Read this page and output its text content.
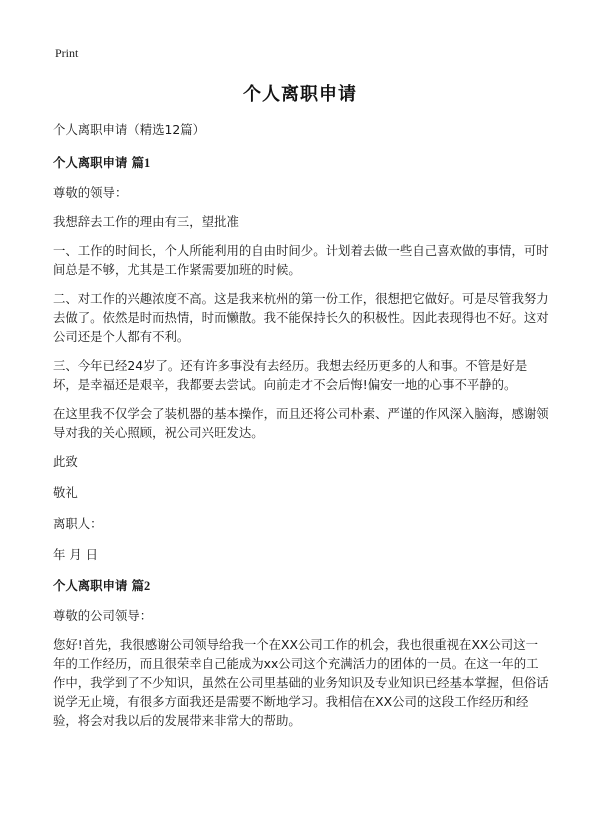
Print
个人离职申请

个人离职申请（精选12篇）

个人离职申请 篇1

尊敬的领导：

我想辞去工作的理由有三，望批准

一、工作的时间长，个人所能利用的自由时间少。计划着去做一些自己喜欢做的事情，可时间总是不够，尤其是工作紧需要加班的时候。

二、对工作的兴趣浓度不高。这是我来杭州的第一份工作，很想把它做好。可是尽管我努力去做了。依然是时而热情，时而懒散。我不能保持长久的积极性。因此表现得也不好。这对公司还是个人都有不利。

三、今年已经24岁了。还有许多事没有去经历。我想去经历更多的人和事。不管是好是坏，是幸福还是艰辛，我都要去尝试。向前走才不会后悔!偏安一地的心事不平静的。

在这里我不仅学会了装机器的基本操作，而且还将公司朴素、严谨的作风深入脑海，感谢领导对我的关心照顾，祝公司兴旺发达。

此致

敬礼

离职人：

年 月 日

个人离职申请 篇2

尊敬的公司领导：

您好!首先，我很感谢公司领导给我一个在XX公司工作的机会，我也很重视在XX公司这一年的工作经历，而且很荣幸自己能成为xx公司这个充满活力的团体的一员。在这一年的工作中，我学到了不少知识，虽然在公司里基础的业务知识及专业知识已经基本掌握，但俗话说学无止境，有很多方面我还是需要不断地学习。我相信在XX公司的这段工作经历和经验，将会对我以后的发展带来非常大的帮助。
